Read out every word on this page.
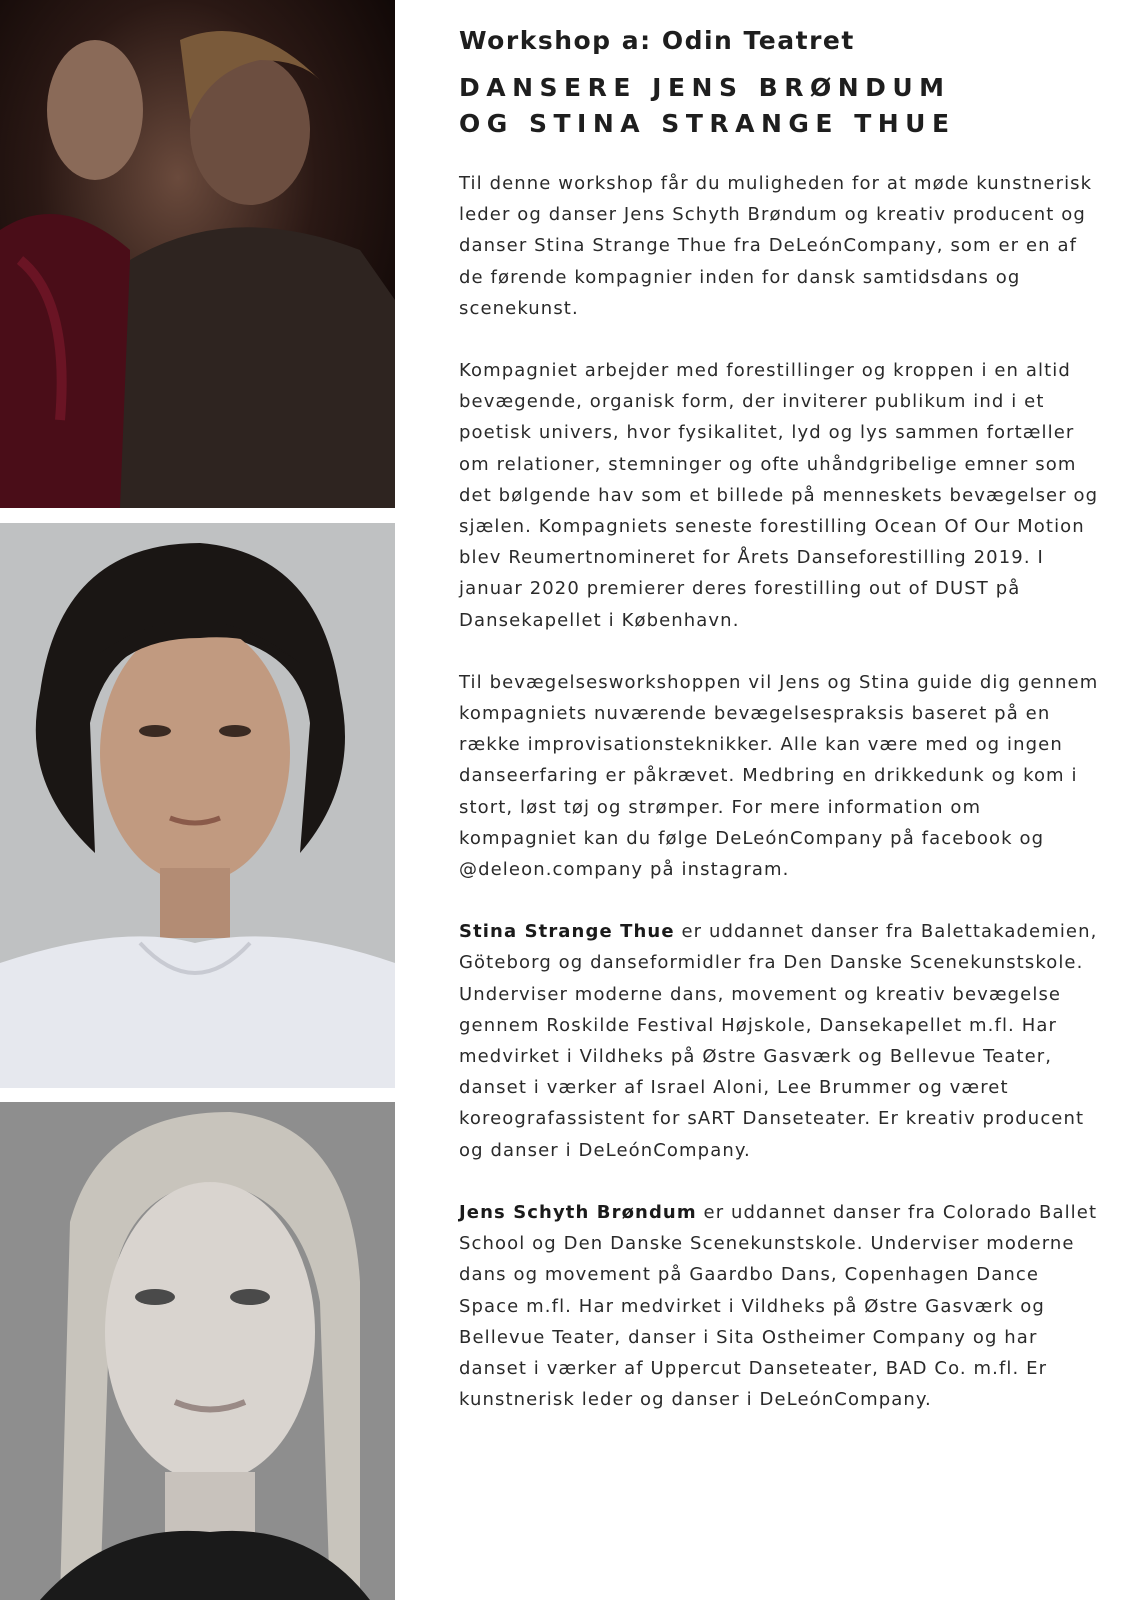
Workshop a: Odin Teatret
DANSERE JENS BRØNDUM
OG STINA STRANGE THUE

Til denne workshop får du muligheden for at møde kunstnerisk leder og danser Jens Schyth Brøndum og kreativ producent og danser Stina Strange Thue fra DeLeónCompany, som er en af de førende kompagnier inden for dansk samtidsdans og scenekunst.

Kompagniet arbejder med forestillinger og kroppen i en altid bevægende, organisk form, der inviterer publikum ind i et poetisk univers, hvor fysikalitet, lyd og lys sammen fortæller om relationer, stemninger og ofte uhåndgribelige emner som det bølgende hav som et billede på menneskets bevægelser og sjælen. Kompagniets seneste forestilling Ocean Of Our Motion blev Reumertnomineret for Årets Danseforestilling 2019. I januar 2020 premierer deres forestilling out of DUST på Dansekapellet i København.

Til bevægelsesworkshoppen vil Jens og Stina guide dig gennem kompagniets nuværende bevægelsespraksis baseret på en række improvisationsteknikker. Alle kan være med og ingen danseerfaring er påkrævet. Medbring en drikkedunk og kom i stort, løst tøj og strømper. For mere information om kompagniet kan du følge DeLeónCompany på facebook og @deleon.company på instagram.

Stina Strange Thue er uddannet danser fra Balettakademien, Göteborg og danseformidler fra Den Danske Scenekunstskole. Underviser moderne dans, movement og kreativ bevægelse gennem Roskilde Festival Højskole, Dansekapellet m.fl. Har medvirket i Vildheks på Østre Gasværk og Bellevue Teater, danset i værker af Israel Aloni, Lee Brummer og været koreografassistent for sART Danseteater. Er kreativ producent og danser i DeLeónCompany.

Jens Schyth Brøndum er uddannet danser fra Colorado Ballet School og Den Danske Scenekunstskole. Underviser moderne dans og movement på Gaardbo Dans, Copenhagen Dance Space m.fl. Har medvirket i Vildheks på Østre Gasværk og Bellevue Teater, danser i Sita Ostheimer Company og har danset i værker af Uppercut Danseteater, BAD Co. m.fl. Er kunstnerisk leder og danser i DeLeónCompany.
